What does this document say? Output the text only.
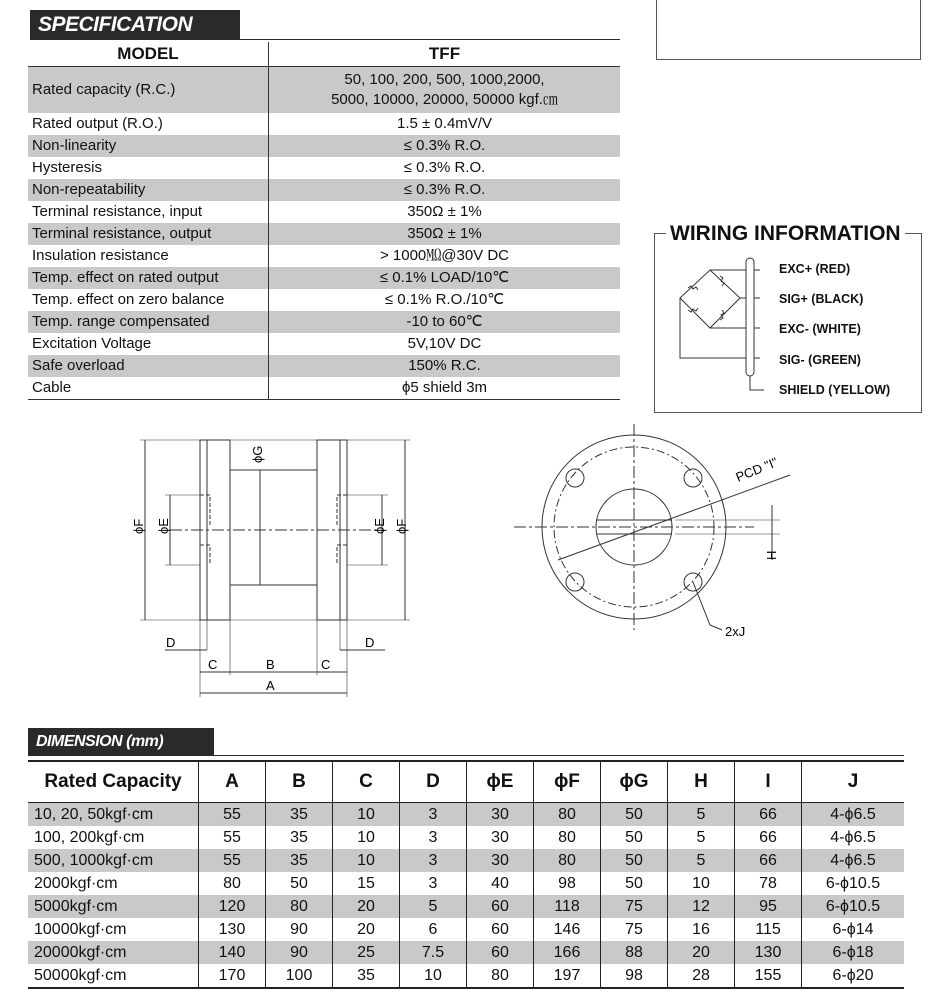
SPECIFICATION
MODEL	TFF
Rated capacity (R.C.)	50, 100, 200, 500, 1000,2000,
5000, 10000, 20000, 50000 kgf.㎝
Rated output (R.O.)	1.5 ± 0.4mV/V
Non-linearity	≤ 0.3% R.O.
Hysteresis	≤ 0.3% R.O.
Non-repeatability	≤ 0.3% R.O.
Terminal resistance, input	350Ω ± 1%
Terminal resistance, output	350Ω ± 1%
Insulation resistance	> 1000㏁@30V DC
Temp. effect on rated output	≤ 0.1% LOAD/10℃
Temp. effect on zero balance	≤ 0.1% R.O./10℃
Temp. range compensated	-10 to 60℃
Excitation Voltage	5V,10V DC
Safe overload	150% R.C.
Cable	ϕ5 shield 3m
WIRING INFORMATION
EXC+ (RED)
SIG+ (BLACK)
EXC- (WHITE)
SIG- (GREEN)
SHIELD (YELLOW)
ϕG
ϕF ϕE	ϕE ϕF
D	D
C	B	C
A
PCD "I"
H
2xJ
DIMENSION (mm)
Rated Capacity	A	B	C	D	ϕE	ϕF	ϕG	H	I	J
10, 20, 50kgf·cm	55	35	10	3	30	80	50	5	66	4-ϕ6.5
100, 200kgf·cm	55	35	10	3	30	80	50	5	66	4-ϕ6.5
500, 1000kgf·cm	55	35	10	3	30	80	50	5	66	4-ϕ6.5
2000kgf·cm	80	50	15	3	40	98	50	10	78	6-ϕ10.5
5000kgf·cm	120	80	20	5	60	118	75	12	95	6-ϕ10.5
10000kgf·cm	130	90	20	6	60	146	75	16	115	6-ϕ14
20000kgf·cm	140	90	25	7.5	60	166	88	20	130	6-ϕ18
50000kgf·cm	170	100	35	10	80	197	98	28	155	6-ϕ20
